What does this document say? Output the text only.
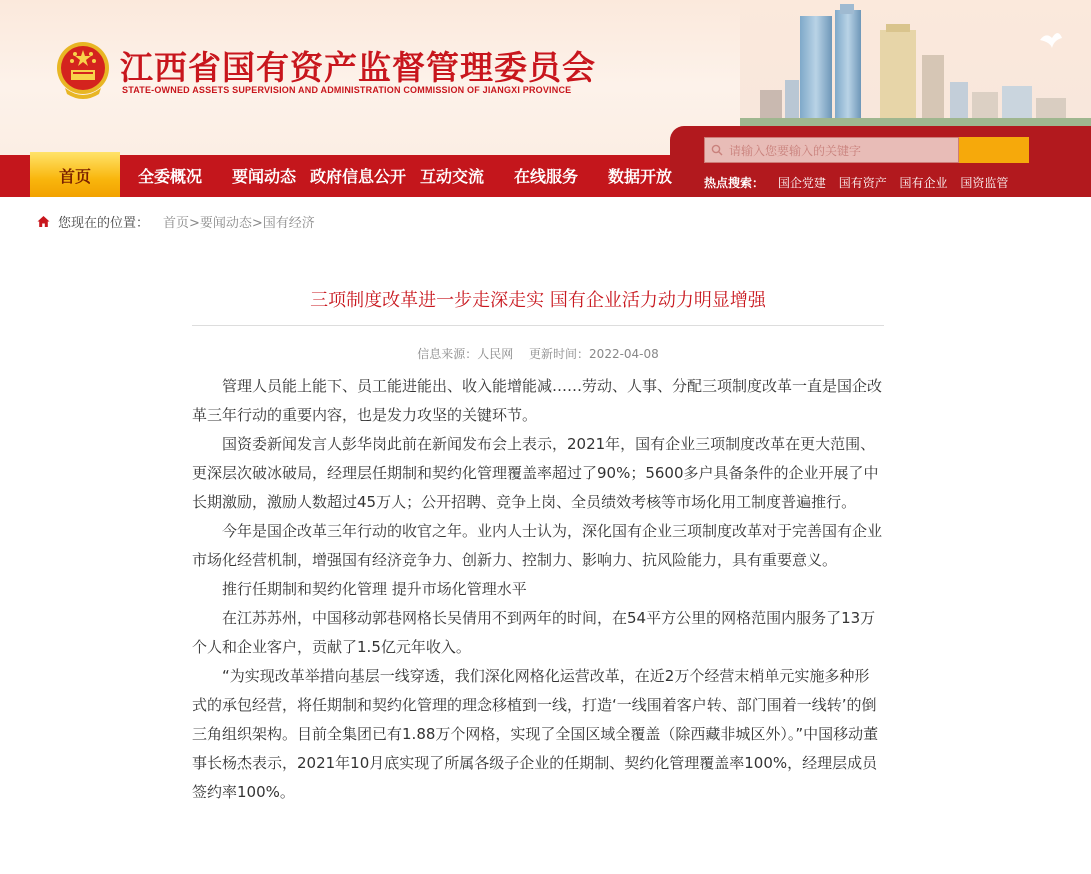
江西省国有资产监督管理委员会
STATE-OWNED ASSETS SUPERVISION AND ADMINISTRATION COMMISSION OF JIANGXI PROVINCE
请输入您要输入的关键字
热点搜索： 国企党建 国有资产 国有企业 国资监管
全委概况 要闻动态 政府信息公开 互动交流 在线服务 数据开放
首页
您现在的位置： 首页>要闻动态>国有经济
三项制度改革进一步走深走实 国有企业活力动力明显增强
信息来源：人民网 更新时间：2022-04-08

管理人员能上能下、员工能进能出、收入能增能减……劳动、人事、分配三项制度改革一直是国企改革三年行动的重要内容，也是发力攻坚的关键环节。

国资委新闻发言人彭华岗此前在新闻发布会上表示，2021年，国有企业三项制度改革在更大范围、更深层次破冰破局，经理层任期制和契约化管理覆盖率超过了90%；5600多户具备条件的企业开展了中长期激励，激励人数超过45万人；公开招聘、竞争上岗、全员绩效考核等市场化用工制度普遍推行。

今年是国企改革三年行动的收官之年。业内人士认为，深化国有企业三项制度改革对于完善国有企业市场化经营机制，增强国有经济竞争力、创新力、控制力、影响力、抗风险能力，具有重要意义。

推行任期制和契约化管理 提升市场化管理水平

在江苏苏州，中国移动郭巷网格长吴倩用不到两年的时间，在54平方公里的网格范围内服务了13万个人和企业客户，贡献了1.5亿元年收入。

“为实现改革举措向基层一线穿透，我们深化网格化运营改革，在近2万个经营末梢单元实施多种形式的承包经营，将任期制和契约化管理的理念移植到一线，打造‘一线围着客户转、部门围着一线转’的倒三角组织架构。目前全集团已有1.88万个网格，实现了全国区域全覆盖（除西藏非城区外）。”中国移动董事长杨杰表示，2021年10月底实现了所属各级子企业的任期制、契约化管理覆盖率100%，经理层成员签约率100%。
